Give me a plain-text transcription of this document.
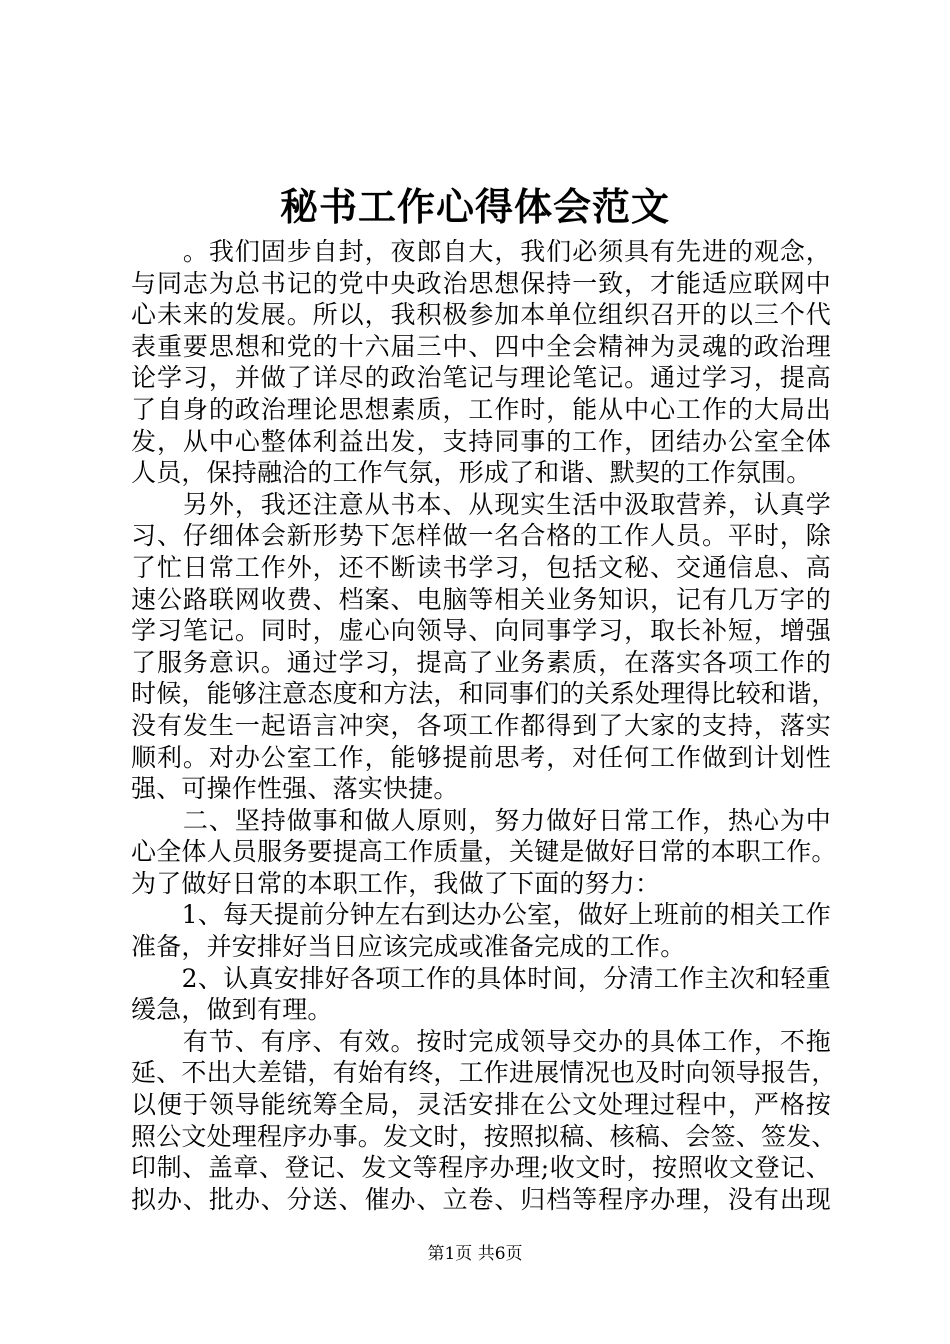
秘书工作心得体会范文
　　。我们固步自封，夜郎自大，我们必须具有先进的观念，
与同志为总书记的党中央政治思想保持一致，才能适应联网中
心未来的发展。所以，我积极参加本单位组织召开的以三个代
表重要思想和党的十六届三中、四中全会精神为灵魂的政治理
论学习，并做了详尽的政治笔记与理论笔记。通过学习，提高
了自身的政治理论思想素质，工作时，能从中心工作的大局出
发，从中心整体利益出发，支持同事的工作，团结办公室全体
人员，保持融洽的工作气氛，形成了和谐、默契的工作氛围。
　　另外，我还注意从书本、从现实生活中汲取营养，认真学
习、仔细体会新形势下怎样做一名合格的工作人员。平时，除
了忙日常工作外，还不断读书学习，包括文秘、交通信息、高
速公路联网收费、档案、电脑等相关业务知识，记有几万字的
学习笔记。同时，虚心向领导、向同事学习，取长补短，增强
了服务意识。通过学习，提高了业务素质，在落实各项工作的
时候，能够注意态度和方法，和同事们的关系处理得比较和谐，
没有发生一起语言冲突，各项工作都得到了大家的支持，落实
顺利。对办公室工作，能够提前思考，对任何工作做到计划性
强、可操作性强、落实快捷。
　　二、坚持做事和做人原则，努力做好日常工作，热心为中
心全体人员服务要提高工作质量，关键是做好日常的本职工作。
为了做好日常的本职工作，我做了下面的努力：
　　1、每天提前分钟左右到达办公室，做好上班前的相关工作
准备，并安排好当日应该完成或准备完成的工作。
　　2、认真安排好各项工作的具体时间，分清工作主次和轻重
缓急，做到有理。
　　有节、有序、有效。按时完成领导交办的具体工作，不拖
延、不出大差错，有始有终，工作进展情况也及时向领导报告，
以便于领导能统筹全局，灵活安排在公文处理过程中，严格按
照公文处理程序办事。发文时，按照拟稿、核稿、会签、签发、
印制、盖章、登记、发文等程序办理;收文时，按照收文登记、
拟办、批办、分送、催办、立卷、归档等程序办理，没有出现
第1页 共6页
